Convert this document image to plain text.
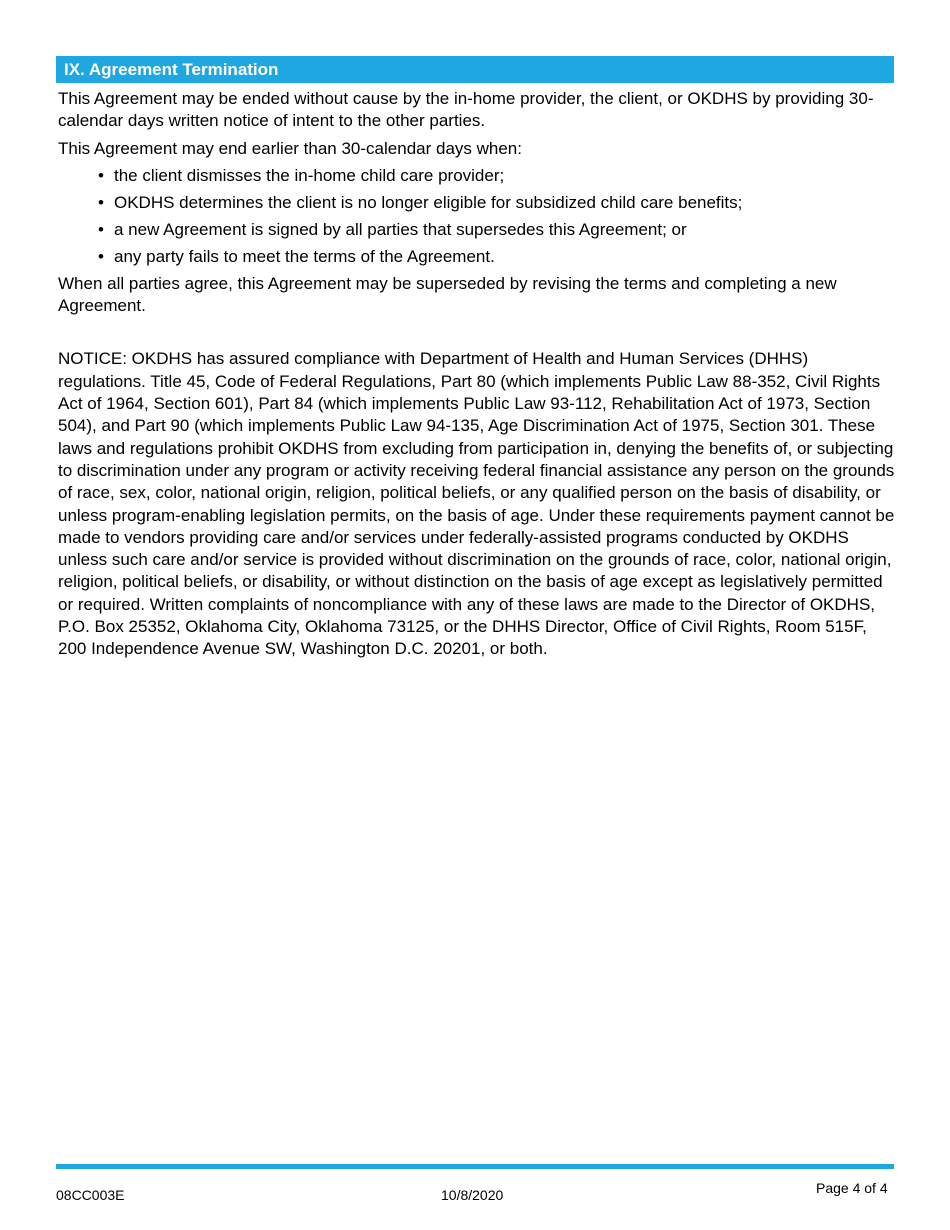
IX. Agreement Termination

This Agreement may be ended without cause by the in-home provider, the client, or OKDHS by providing 30-calendar days written notice of intent to the other parties.

This Agreement may end earlier than 30-calendar days when:

• the client dismisses the in-home child care provider;
• OKDHS determines the client is no longer eligible for subsidized child care benefits;
• a new Agreement is signed by all parties that supersedes this Agreement; or
• any party fails to meet the terms of the Agreement.

When all parties agree, this Agreement may be superseded by revising the terms and completing a new Agreement.

NOTICE: OKDHS has assured compliance with Department of Health and Human Services (DHHS) regulations. Title 45, Code of Federal Regulations, Part 80 (which implements Public Law 88-352, Civil Rights Act of 1964, Section 601), Part 84 (which implements Public Law 93-112, Rehabilitation Act of 1973, Section 504), and Part 90 (which implements Public Law 94-135, Age Discrimination Act of 1975, Section 301. These laws and regulations prohibit OKDHS from excluding from participation in, denying the benefits of, or subjecting to discrimination under any program or activity receiving federal financial assistance any person on the grounds of race, sex, color, national origin, religion, political beliefs, or any qualified person on the basis of disability, or unless program-enabling legislation permits, on the basis of age. Under these requirements payment cannot be made to vendors providing care and/or services under federally-assisted programs conducted by OKDHS unless such care and/or service is provided without discrimination on the grounds of race, color, national origin, religion, political beliefs, or disability, or without distinction on the basis of age except as legislatively permitted or required. Written complaints of noncompliance with any of these laws are made to the Director of OKDHS, P.O. Box 25352, Oklahoma City, Oklahoma 73125, or the DHHS Director, Office of Civil Rights, Room 515F, 200 Independence Avenue SW, Washington D.C. 20201, or both.

08CC003E	10/8/2020	Page 4 of 4
